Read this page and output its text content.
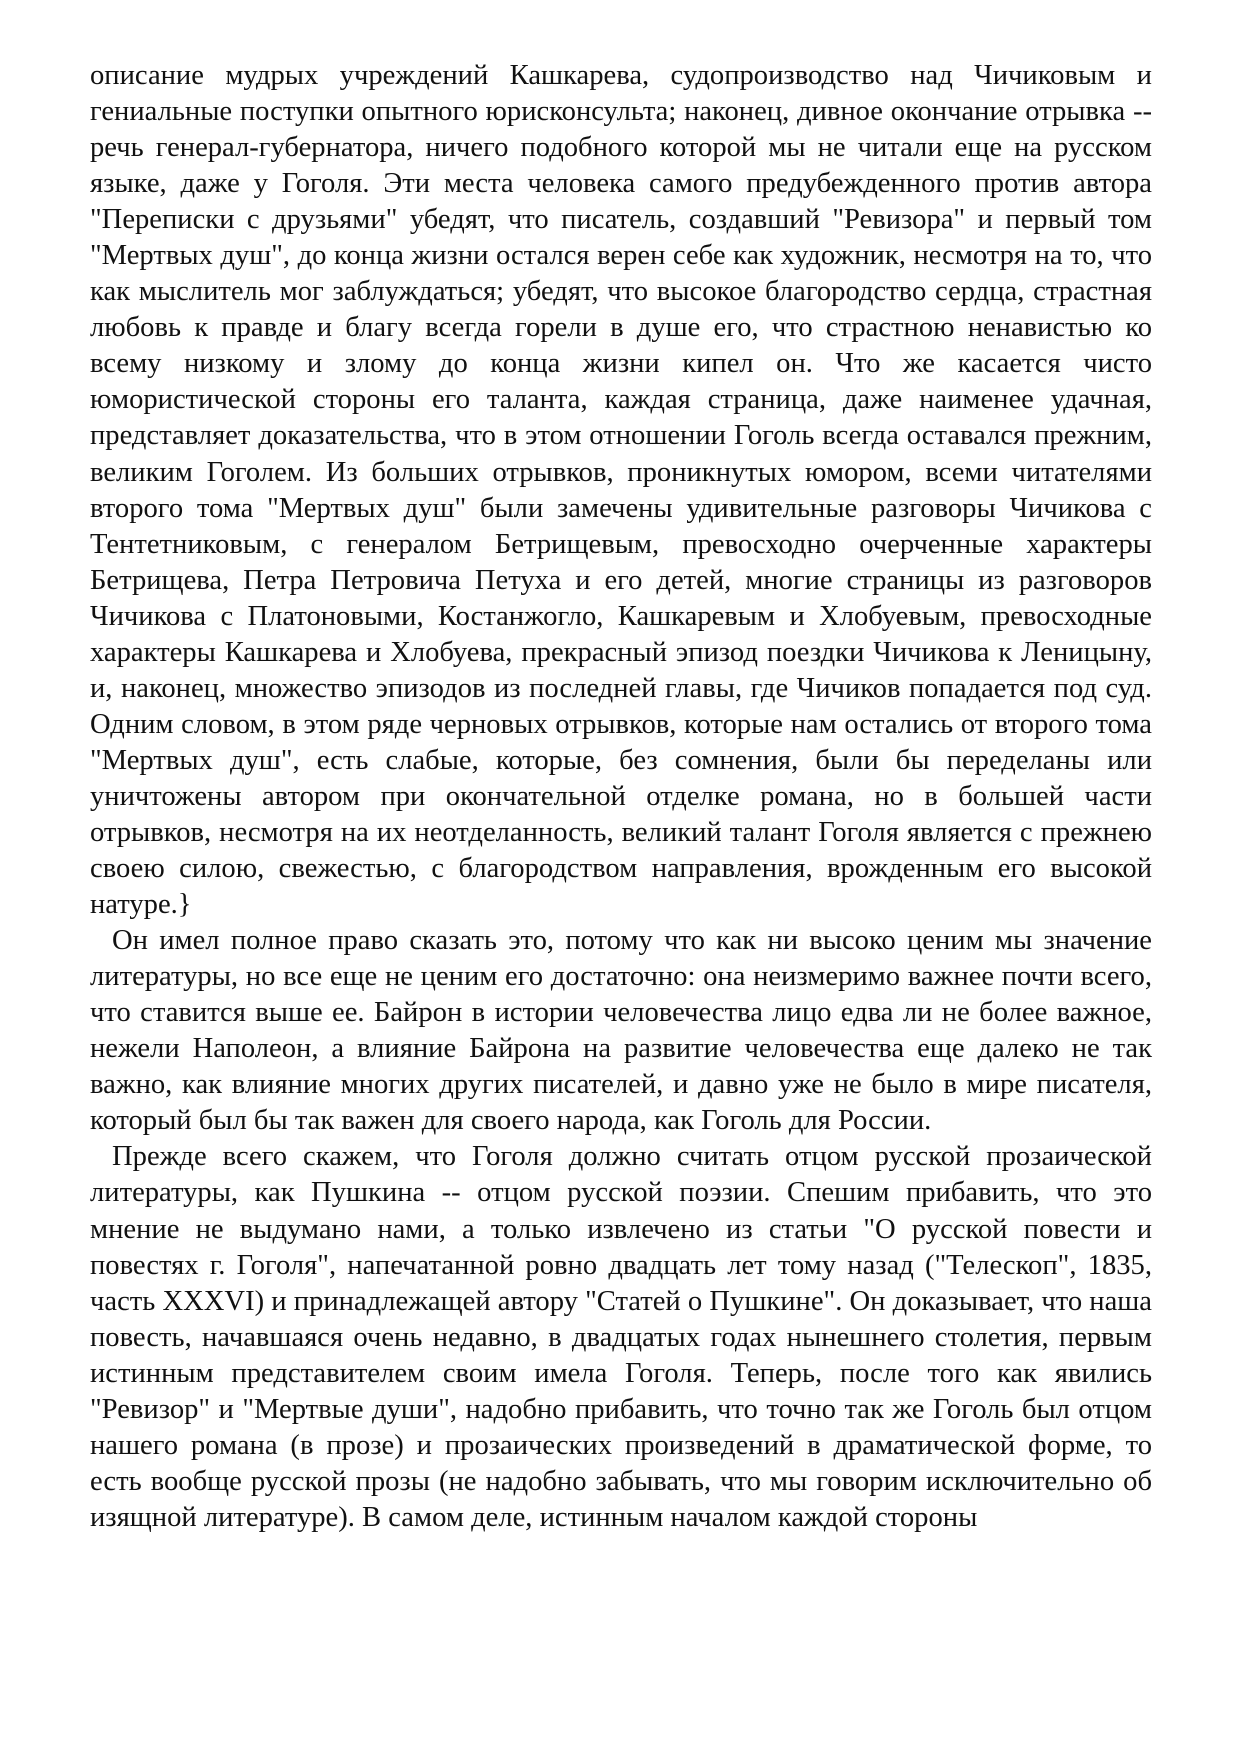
описание мудрых учреждений Кашкарева, судопроизводство над Чичиковым и гениальные поступки опытного юрисконсульта; наконец, дивное окончание отрывка -- речь генерал-губернатора, ничего подобного которой мы не читали еще на русском языке, даже у Гоголя. Эти места человека самого предубежденного против автора "Переписки с друзьями" убедят, что писатель, создавший "Ревизора" и первый том "Мертвых душ", до конца жизни остался верен себе как художник, несмотря на то, что как мыслитель мог заблуждаться; убедят, что высокое благородство сердца, страстная любовь к правде и благу всегда горели в душе его, что страстною ненавистью ко всему низкому и злому до конца жизни кипел он. Что же касается чисто юмористической стороны его таланта, каждая страница, даже наименее удачная, представляет доказательства, что в этом отношении Гоголь всегда оставался прежним, великим Гоголем. Из больших отрывков, проникнутых юмором, всеми читателями второго тома "Мертвых душ" были замечены удивительные разговоры Чичикова с Тентетниковым, с генералом Бетрищевым, превосходно очерченные характеры Бетрищева, Петра Петровича Петуха и его детей, многие страницы из разговоров Чичикова с Платоновыми, Костанжогло, Кашкаревым и Хлобуевым, превосходные характеры Кашкарева и Хлобуева, прекрасный эпизод поездки Чичикова к Леницыну, и, наконец, множество эпизодов из последней главы, где Чичиков попадается под суд. Одним словом, в этом ряде черновых отрывков, которые нам остались от второго тома "Мертвых душ", есть слабые, которые, без сомнения, были бы переделаны или уничтожены автором при окончательной отделке романа, но в большей части отрывков, несмотря на их неотделанность, великий талант Гоголя является с прежнею своею силою, свежестью, с благородством направления, врожденным его высокой натуре.}

Он имел полное право сказать это, потому что как ни высоко ценим мы значение литературы, но все еще не ценим его достаточно: она неизмеримо важнее почти всего, что ставится выше ее. Байрон в истории человечества лицо едва ли не более важное, нежели Наполеон, а влияние Байрона на развитие человечества еще далеко не так важно, как влияние многих других писателей, и давно уже не было в мире писателя, который был бы так важен для своего народа, как Гоголь для России.

Прежде всего скажем, что Гоголя должно считать отцом русской прозаической литературы, как Пушкина -- отцом русской поэзии. Спешим прибавить, что это мнение не выдумано нами, а только извлечено из статьи "О русской повести и повестях г. Гоголя", напечатанной ровно двадцать лет тому назад ("Телескоп", 1835, часть XXXVI) и принадлежащей автору "Статей о Пушкине". Он доказывает, что наша повесть, начавшаяся очень недавно, в двадцатых годах нынешнего столетия, первым истинным представителем своим имела Гоголя. Теперь, после того как явились "Ревизор" и "Мертвые души", надобно прибавить, что точно так же Гоголь был отцом нашего романа (в прозе) и прозаических произведений в драматической форме, то есть вообще русской прозы (не надобно забывать, что мы говорим исключительно об изящной литературе). В самом деле, истинным началом каждой стороны
